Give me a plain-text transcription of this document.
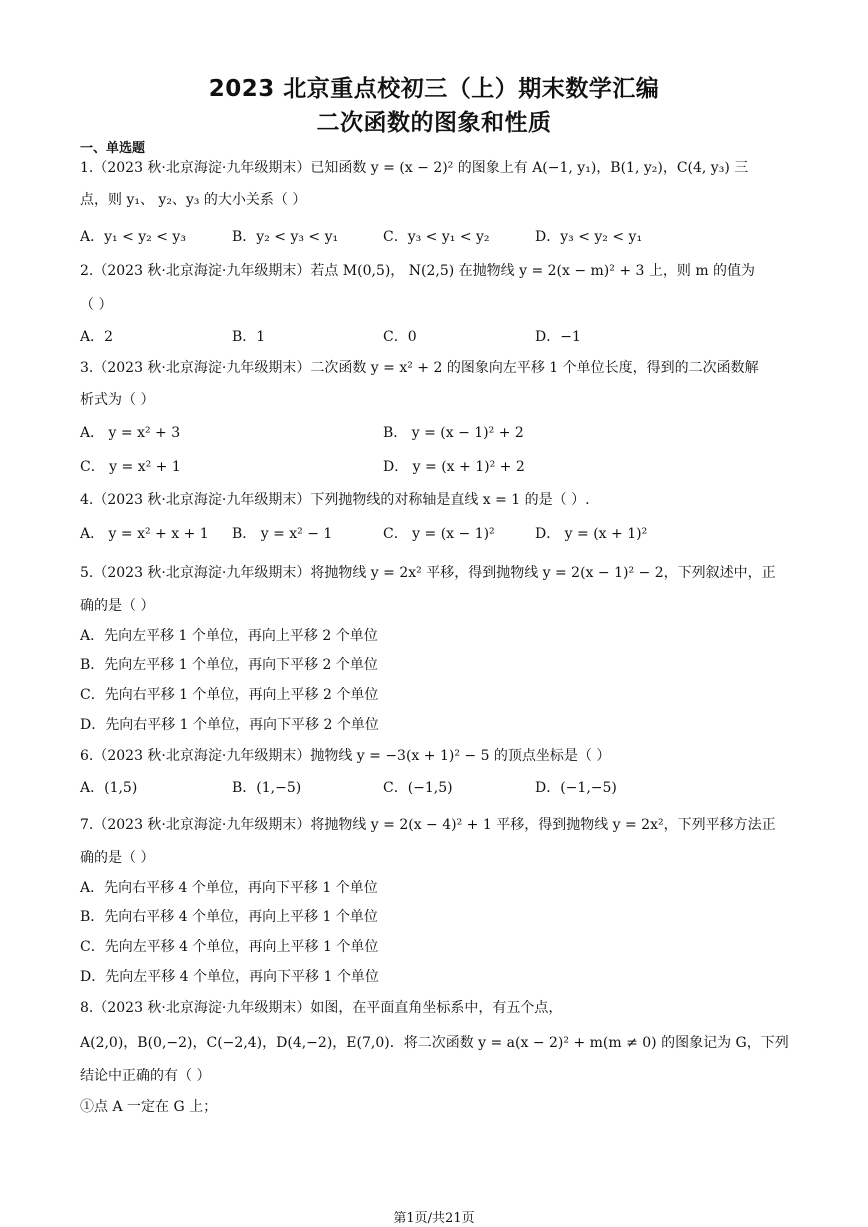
2023 北京重点校初三（上）期末数学汇编
二次函数的图象和性质
一、单选题
1.（2023 秋·北京海淀·九年级期末）已知函数 y = (x − 2)² 的图象上有 A(−1, y₁)，B(1, y₂)，C(4, y₃) 三
点，则 y₁、 y₂、y₃ 的大小关系（ ）
A．y₁ < y₂ < y₃	B．y₂ < y₃ < y₁	C．y₃ < y₁ < y₂	D．y₃ < y₂ < y₁
2.（2023 秋·北京海淀·九年级期末）若点 M(0,5)， N(2,5) 在抛物线 y = 2(x − m)² + 3 上，则 m 的值为
（ ）
A．2	B．1	C．0	D．−1
3.（2023 秋·北京海淀·九年级期末）二次函数 y = x² + 2 的图象向左平移 1 个单位长度，得到的二次函数解
析式为（ ）
A． y = x² + 3	B． y = (x − 1)² + 2
C． y = x² + 1	D． y = (x + 1)² + 2
4.（2023 秋·北京海淀·九年级期末）下列抛物线的对称轴是直线 x = 1 的是（ ）.
A． y = x² + x + 1 B． y = x² − 1	C． y = (x − 1)²	D． y = (x + 1)²
5.（2023 秋·北京海淀·九年级期末）将抛物线 y = 2x² 平移，得到抛物线 y = 2(x − 1)² − 2，下列叙述中，正
确的是（ ）
A．先向左平移 1 个单位，再向上平移 2 个单位
B．先向左平移 1 个单位，再向下平移 2 个单位
C．先向右平移 1 个单位，再向上平移 2 个单位
D．先向右平移 1 个单位，再向下平移 2 个单位
6.（2023 秋·北京海淀·九年级期末）抛物线 y = −3(x + 1)² − 5 的顶点坐标是（ ）
A．(1,5)	B．(1,−5)	C．(−1,5)	D．(−1,−5)
7.（2023 秋·北京海淀·九年级期末）将抛物线 y = 2(x − 4)² + 1 平移，得到抛物线 y = 2x²，下列平移方法正
确的是（ ）
A．先向右平移 4 个单位，再向下平移 1 个单位
B．先向右平移 4 个单位，再向上平移 1 个单位
C．先向左平移 4 个单位，再向上平移 1 个单位
D．先向左平移 4 个单位，再向下平移 1 个单位
8.（2023 秋·北京海淀·九年级期末）如图，在平面直角坐标系中，有五个点，
A(2,0)，B(0,−2)，C(−2,4)，D(4,−2)，E(7,0)．将二次函数 y = a(x − 2)² + m(m ≠ 0) 的图象记为 G，下列
结论中正确的有（ ）
①点 A 一定在 G 上；
第1页/共21页
